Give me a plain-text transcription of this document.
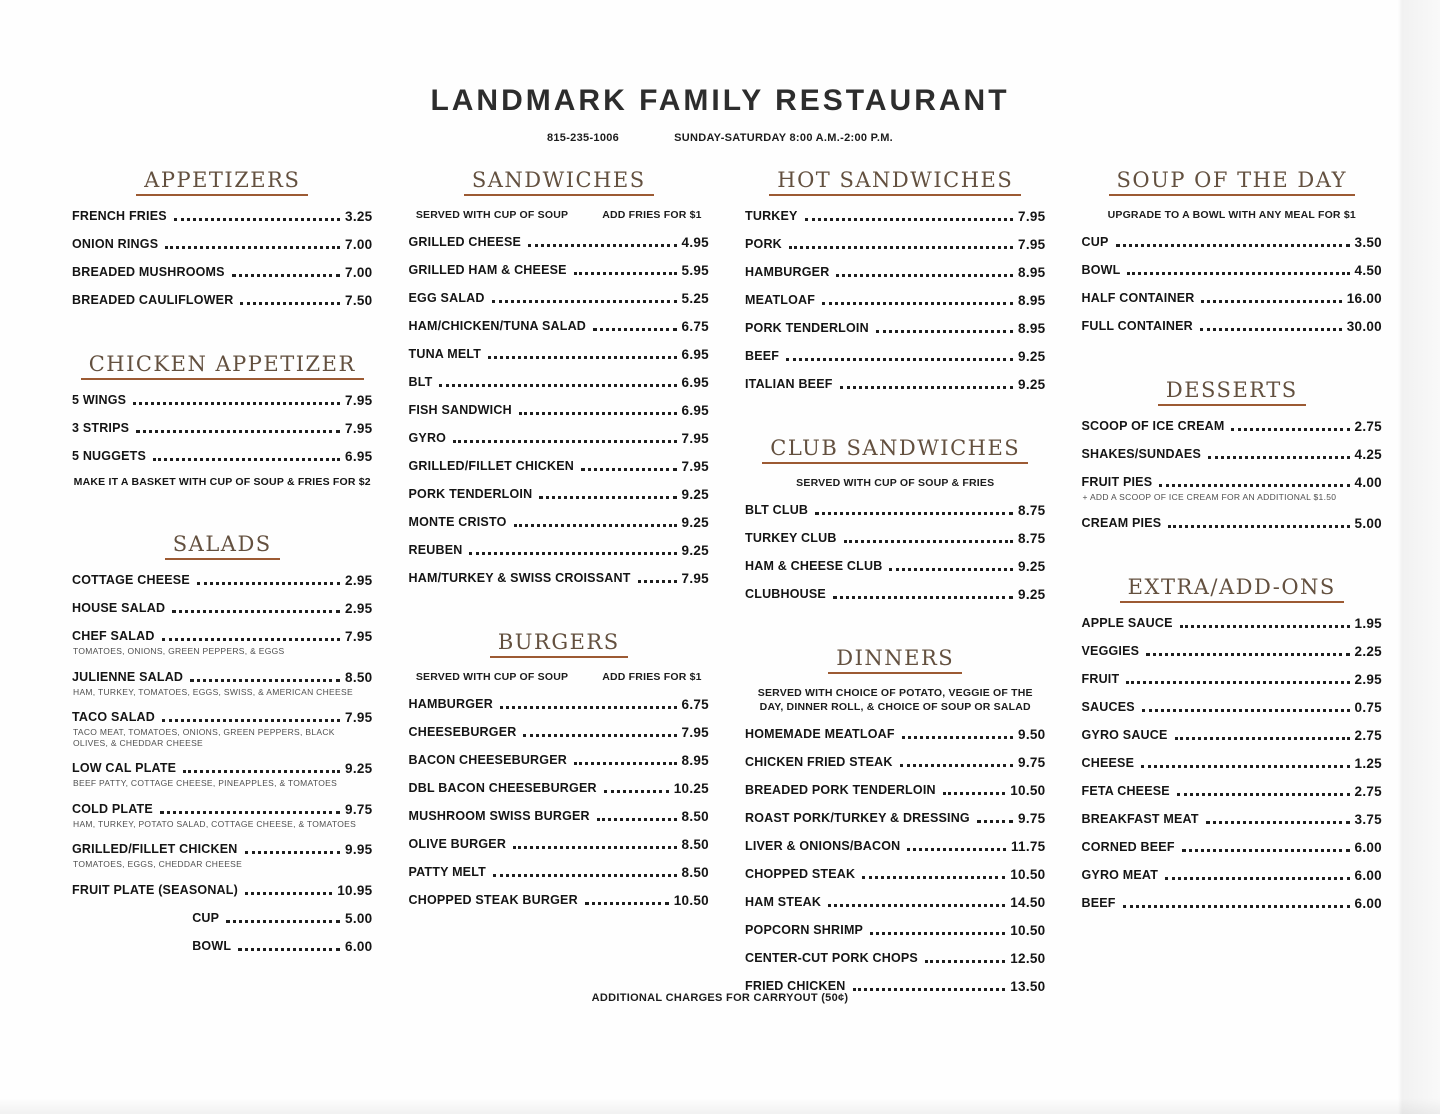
LANDMARK FAMILY RESTAURANT
815-235-1006	SUNDAY-SATURDAY 8:00 A.M.-2:00 P.M.
APPETIZERS
FRENCH FRIES	3.25
ONION RINGS	7.00
BREADED MUSHROOMS	7.00
BREADED CAULIFLOWER	7.50
CHICKEN APPETIZER
5 WINGS	7.95
3 STRIPS	7.95
5 NUGGETS	6.95
MAKE IT A BASKET WITH CUP OF SOUP & FRIES FOR $2
SALADS
COTTAGE CHEESE	2.95
HOUSE SALAD	2.95
CHEF SALAD	7.95
TOMATOES, ONIONS, GREEN PEPPERS, & EGGS
JULIENNE SALAD	8.50
HAM, TURKEY, TOMATOES, EGGS, SWISS, & AMERICAN CHEESE
TACO SALAD	7.95
TACO MEAT, TOMATOES, ONIONS, GREEN PEPPERS, BLACK OLIVES, & CHEDDAR CHEESE
LOW CAL PLATE	9.25
BEEF PATTY, COTTAGE CHEESE, PINEAPPLES, & TOMATOES
COLD PLATE	9.75
HAM, TURKEY, POTATO SALAD, COTTAGE CHEESE, & TOMATOES
GRILLED/FILLET CHICKEN	9.95
TOMATOES, EGGS, CHEDDAR CHEESE
FRUIT PLATE (SEASONAL)	10.95
CUP	5.00
BOWL	6.00
SANDWICHES
SERVED WITH CUP OF SOUP	ADD FRIES FOR $1
GRILLED CHEESE	4.95
GRILLED HAM & CHEESE	5.95
EGG SALAD	5.25
HAM/CHICKEN/TUNA SALAD	6.75
TUNA MELT	6.95
BLT	6.95
FISH SANDWICH	6.95
GYRO	7.95
GRILLED/FILLET CHICKEN	7.95
PORK TENDERLOIN	9.25
MONTE CRISTO	9.25
REUBEN	9.25
HAM/TURKEY & SWISS CROISSANT	7.95
BURGERS
SERVED WITH CUP OF SOUP	ADD FRIES FOR $1
HAMBURGER	6.75
CHEESEBURGER	7.95
BACON CHEESEBURGER	8.95
DBL BACON CHEESEBURGER	10.25
MUSHROOM SWISS BURGER	8.50
OLIVE BURGER	8.50
PATTY MELT	8.50
CHOPPED STEAK BURGER	10.50
HOT SANDWICHES
TURKEY	7.95
PORK	7.95
HAMBURGER	8.95
MEATLOAF	8.95
PORK TENDERLOIN	8.95
BEEF	9.25
ITALIAN BEEF	9.25
CLUB SANDWICHES
SERVED WITH CUP OF SOUP & FRIES
BLT CLUB	8.75
TURKEY CLUB	8.75
HAM & CHEESE CLUB	9.25
CLUBHOUSE	9.25
DINNERS
SERVED WITH CHOICE OF POTATO, VEGGIE OF THE DAY, DINNER ROLL, & CHOICE OF SOUP OR SALAD
HOMEMADE MEATLOAF	9.50
CHICKEN FRIED STEAK	9.75
BREADED PORK TENDERLOIN	10.50
ROAST PORK/TURKEY & DRESSING	9.75
LIVER & ONIONS/BACON	11.75
CHOPPED STEAK	10.50
HAM STEAK	14.50
POPCORN SHRIMP	10.50
CENTER-CUT PORK CHOPS	12.50
FRIED CHICKEN	13.50
SOUP OF THE DAY
UPGRADE TO A BOWL WITH ANY MEAL FOR $1
CUP	3.50
BOWL	4.50
HALF CONTAINER	16.00
FULL CONTAINER	30.00
DESSERTS
SCOOP OF ICE CREAM	2.75
SHAKES/SUNDAES	4.25
FRUIT PIES	4.00
+ ADD A SCOOP OF ICE CREAM FOR AN ADDITIONAL $1.50
CREAM PIES	5.00
EXTRA/ADD-ONS
APPLE SAUCE	1.95
VEGGIES	2.25
FRUIT	2.95
SAUCES	0.75
GYRO SAUCE	2.75
CHEESE	1.25
FETA CHEESE	2.75
BREAKFAST MEAT	3.75
CORNED BEEF	6.00
GYRO MEAT	6.00
BEEF	6.00
ADDITIONAL CHARGES FOR CARRYOUT (50¢)
